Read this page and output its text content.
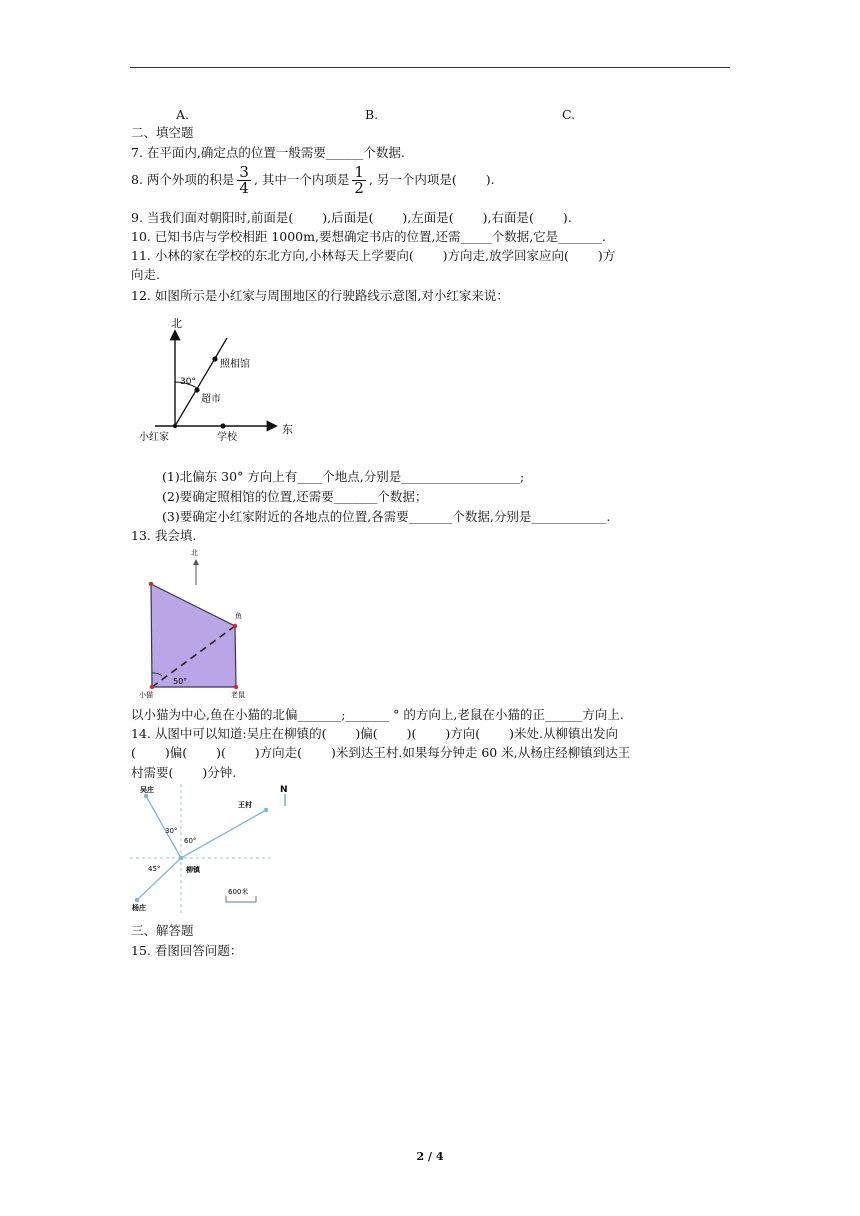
A.	B.	C.
二、填空题
7. 在平面内,确定点的位置一般需要______个数据.
8. 两个外项的积是 $\frac{3}{4}$ , 其中一个内项是 $\frac{1}{2}$ , 另一个内项是(　　 ).
9. 当我们面对朝阳时,前面是(　　 ),后面是(　　 ),左面是(　　 ),右面是(　　 ).
10. 已知书店与学校相距 1000m,要想确定书店的位置,还需_____个数据,它是_______.
11. 小林的家在学校的东北方向,小林每天上学要向(　　 )方向走,放学回家应向(　　 )方
向走.
12. 如图所示是小红家与周围地区的行驶路线示意图,对小红家来说：
北
东
照相馆
30°
超市
小红家	学校
(1)北偏东 30° 方向上有____个地点,分别是___________________;
(2)要确定照相馆的位置,还需要_______个数据；
(3)要确定小红家附近的各地点的位置,各需要_______个数据,分别是____________.
13. 我会填.
北
鱼
50°
小猫	老鼠
以小猫为中心,鱼在小猫的北偏_______;_______ ° 的方向上,老鼠在小猫的正______方向上.
14. 从图中可以知道:吴庄在柳镇的(　　 )偏(　　 )(　　 )方向(　　 )米处.从柳镇出发向
(　　 )偏(　　 )(　　 )方向走(　　 )米到达王村.如果每分钟走 60 米,从杨庄经柳镇到达王
村需要(　　 )分钟.
N
吴庄
王村
30°
60°
45°	柳镇
杨庄
600米
三、解答题
15. 看图回答问题：
2 / 4
